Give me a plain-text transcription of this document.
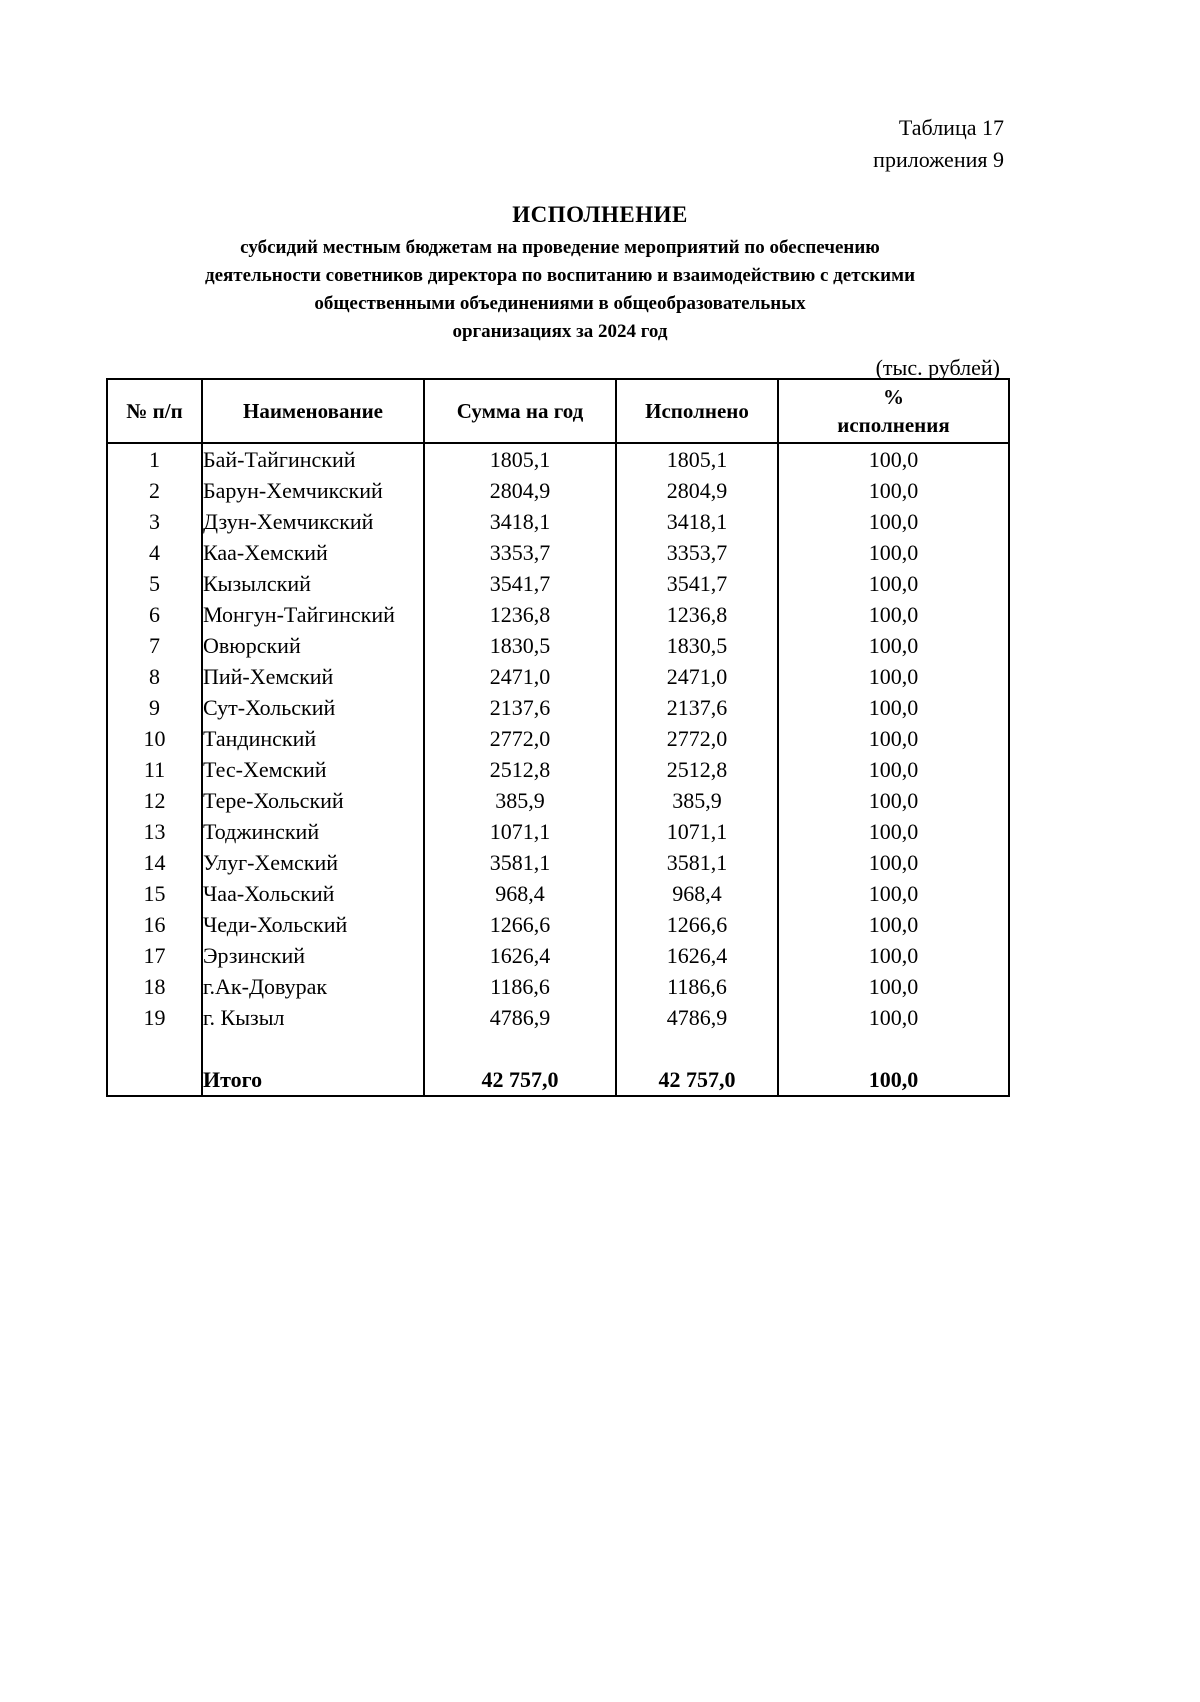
Таблица 17
приложения 9
ИСПОЛНЕНИЕ
субсидий местным бюджетам на проведение мероприятий по обеспечению
деятельности советников директора по воспитанию и взаимодействию с детскими
общественными объединениями в общеобразовательных
организациях за 2024 год
(тыс. рублей)
№ п/п	Наименование	Сумма на год	Исполнено	%
исполнения

1	Бай-Тайгинский	1805,1	1805,1	100,0
2	Барун-Хемчикский	2804,9	2804,9	100,0
3	Дзун-Хемчикский	3418,1	3418,1	100,0
4	Каа-Хемский	3353,7	3353,7	100,0
5	Кызылский	3541,7	3541,7	100,0
6	Монгун-Тайгинский	1236,8	1236,8	100,0
7	Овюрский	1830,5	1830,5	100,0
8	Пий-Хемский	2471,0	2471,0	100,0
9	Сут-Хольский	2137,6	2137,6	100,0
10	Тандинский	2772,0	2772,0	100,0
11	Тес-Хемский	2512,8	2512,8	100,0
12	Тере-Хольский	385,9	385,9	100,0
13	Тоджинский	1071,1	1071,1	100,0
14	Улуг-Хемский	3581,1	3581,1	100,0
15	Чаа-Хольский	968,4	968,4	100,0
16	Чеди-Хольский	1266,6	1266,6	100,0
17	Эрзинский	1626,4	1626,4	100,0
18	г.Ак-Довурак	1186,6	1186,6	100,0
19	г. Кызыл	4786,9	4786,9	100,0

	Итого	42 757,0	42 757,0	100,0
